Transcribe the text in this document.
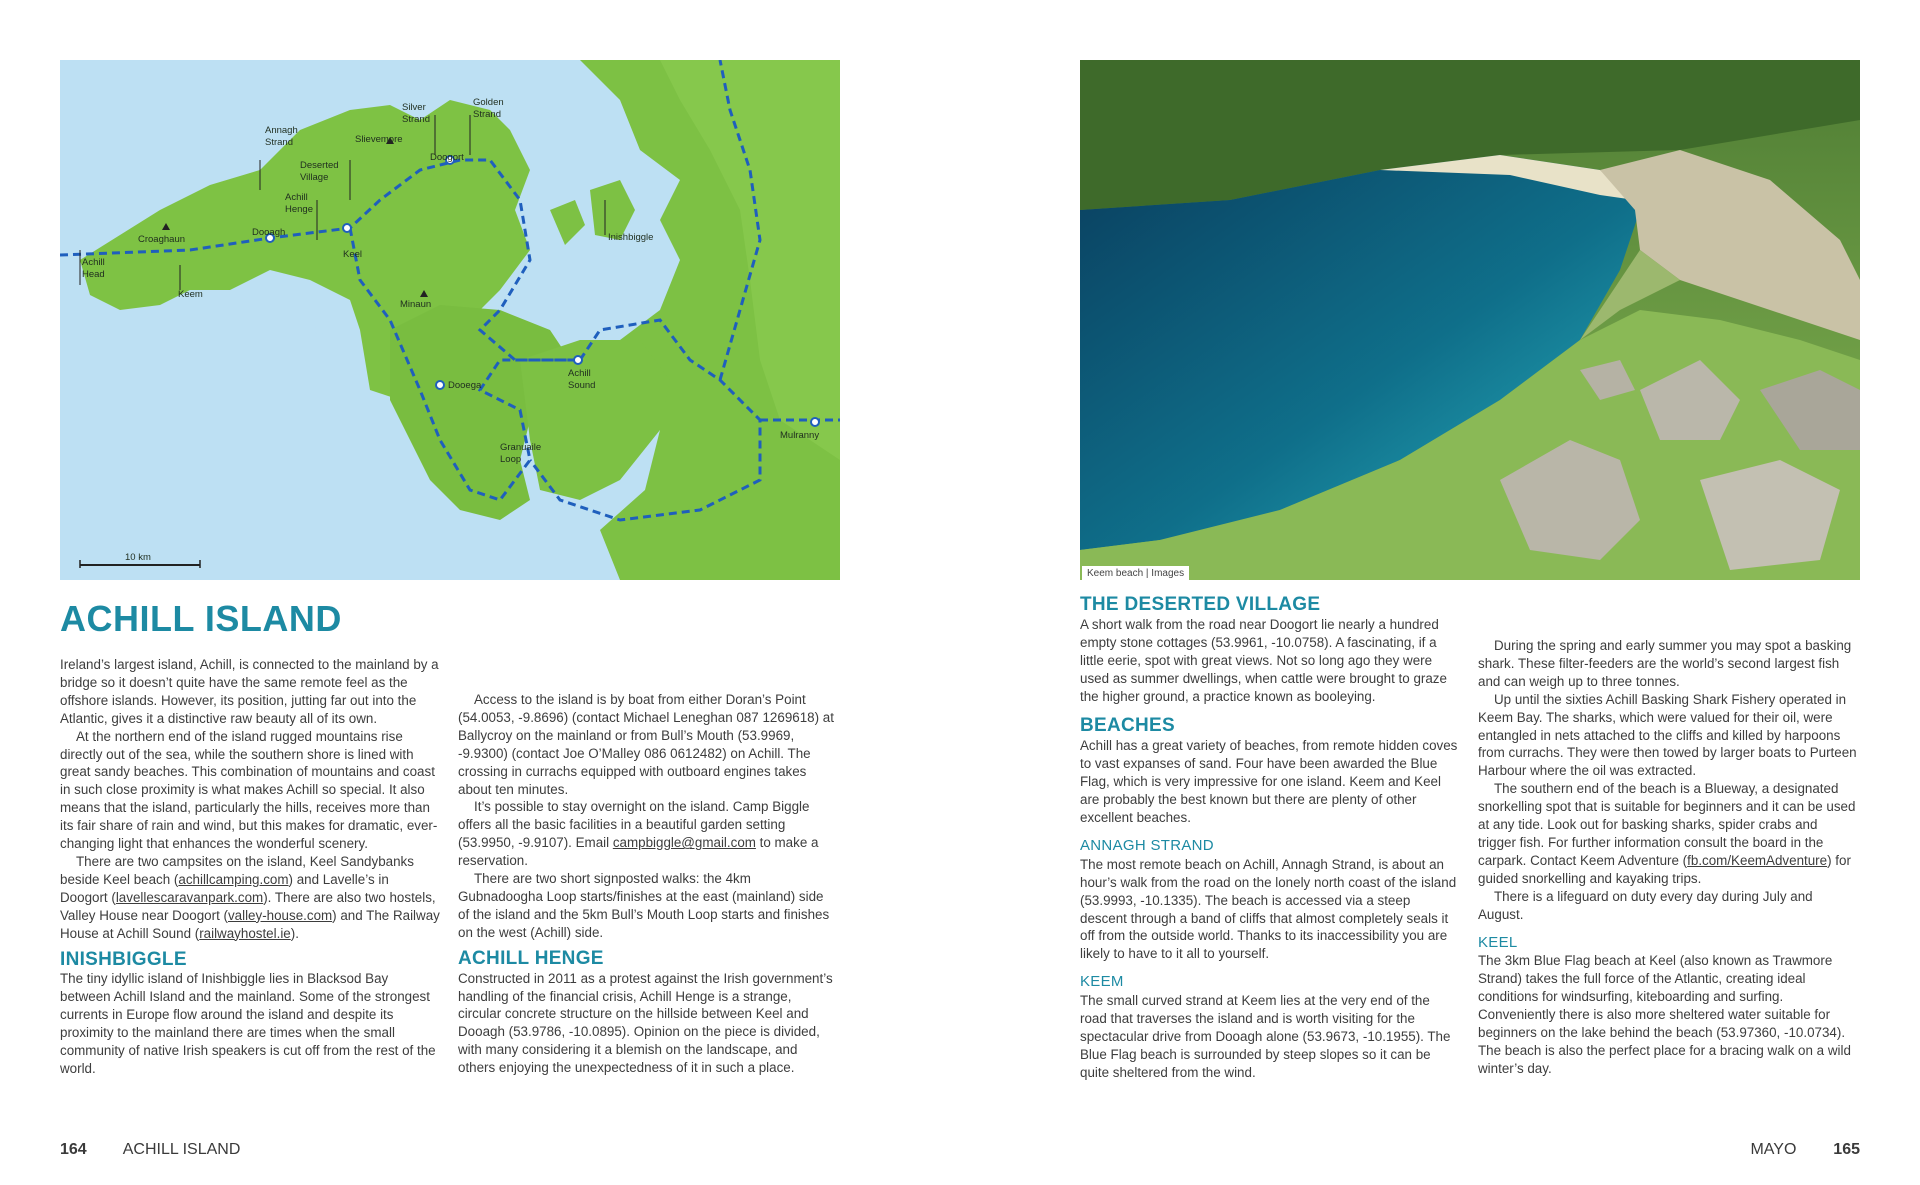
Achill Head
Keem
Croaghaun
Dooagh
Keel
Achill Henge
Deserted Village
Annagh Strand	Slievemore
Silver Strand
Golden Strand
Doogort
Inishbiggle
Minaun
Dooega
Achill Sound
Granuaile Loop
Mulranny
10 km
Keem beach | Images
ACHILL ISLAND

Ireland’s largest island, Achill, is connected to the mainland by a bridge so it doesn’t quite have the same remote feel as the offshore islands. However, its position, jutting far out into the Atlantic, gives it a distinctive raw beauty all of its own.

At the northern end of the island rugged mountains rise directly out of the sea, while the southern shore is lined with great sandy beaches. This combination of mountains and coast in such close proximity is what makes Achill so special. It also means that the island, particularly the hills, receives more than its fair share of rain and wind, but this makes for dramatic, ever-changing light that enhances the wonderful scenery.

There are two campsites on the island, Keel Sandybanks beside Keel beach (achillcamping.com) and Lavelle’s in Doogort (lavellescaravanpark.com). There are also two hostels, Valley House near Doogort (valley-house.com) and The Railway House at Achill Sound (railwayhostel.ie).

INISHBIGGLE

The tiny idyllic island of Inishbiggle lies in Blacksod Bay between Achill Island and the mainland. Some of the strongest currents in Europe flow around the island and despite its proximity to the mainland there are times when the small community of native Irish speakers is cut off from the rest of the world.

Access to the island is by boat from either Doran’s Point (54.0053, -9.8696) (contact Michael Leneghan 087 1269618) at Ballycroy on the mainland or from Bull’s Mouth (53.9969, -9.9300) (contact Joe O’Malley 086 0612482) on Achill. The crossing in currachs equipped with outboard engines takes about ten minutes.

It’s possible to stay overnight on the island. Camp Biggle offers all the basic facilities in a beautiful garden setting (53.9950, -9.9107). Email campbiggle@gmail.com to make a reservation.

There are two short signposted walks: the 4km Gubnadoogha Loop starts/finishes at the east (mainland) side of the island and the 5km Bull’s Mouth Loop starts and finishes on the west (Achill) side.

ACHILL HENGE

Constructed in 2011 as a protest against the Irish government’s handling of the financial crisis, Achill Henge is a strange, circular concrete structure on the hillside between Keel and Dooagh (53.9786, -10.0895). Opinion on the piece is divided, with many considering it a blemish on the landscape, and others enjoying the unexpectedness of it in such a place.

164 ACHILL ISLAND
THE DESERTED VILLAGE

A short walk from the road near Doogort lie nearly a hundred empty stone cottages (53.9961, -10.0758). A fascinating, if a little eerie, spot with great views. Not so long ago they were used as summer dwellings, when cattle were brought to graze the higher ground, a practice known as booleying.

BEACHES

Achill has a great variety of beaches, from remote hidden coves to vast expanses of sand. Four have been awarded the Blue Flag, which is very impressive for one island. Keem and Keel are probably the best known but there are plenty of other excellent beaches.

ANNAGH STRAND

The most remote beach on Achill, Annagh Strand, is about an hour’s walk from the road on the lonely north coast of the island (53.9993, -10.1335). The beach is accessed via a steep descent through a band of cliffs that almost completely seals it off from the outside world. Thanks to its inaccessibility you are likely to have to it all to yourself.

KEEM

The small curved strand at Keem lies at the very end of the road that traverses the island and is worth visiting for the spectacular drive from Dooagh alone (53.9673, -10.1955). The Blue Flag beach is surrounded by steep slopes so it can be quite sheltered from the wind.

During the spring and early summer you may spot a basking shark. These filter-feeders are the world’s second largest fish and can weigh up to three tonnes.

Up until the sixties Achill Basking Shark Fishery operated in Keem Bay. The sharks, which were valued for their oil, were entangled in nets attached to the cliffs and killed by harpoons from currachs. They were then towed by larger boats to Purteen Harbour where the oil was extracted.

The southern end of the beach is a Blueway, a designated snorkelling spot that is suitable for beginners and it can be used at any tide. Look out for basking sharks, spider crabs and trigger fish. For further information consult the board in the carpark. Contact Keem Adventure (fb.com/KeemAdventure) for guided snorkelling and kayaking trips.

There is a lifeguard on duty every day during July and August.

KEEL

The 3km Blue Flag beach at Keel (also known as Trawmore Strand) takes the full force of the Atlantic, creating ideal conditions for windsurfing, kiteboarding and surfing. Conveniently there is also more sheltered water suitable for beginners on the lake behind the beach (53.97360, -10.0734). The beach is also the perfect place for a bracing walk on a wild winter’s day.

MAYO 165
